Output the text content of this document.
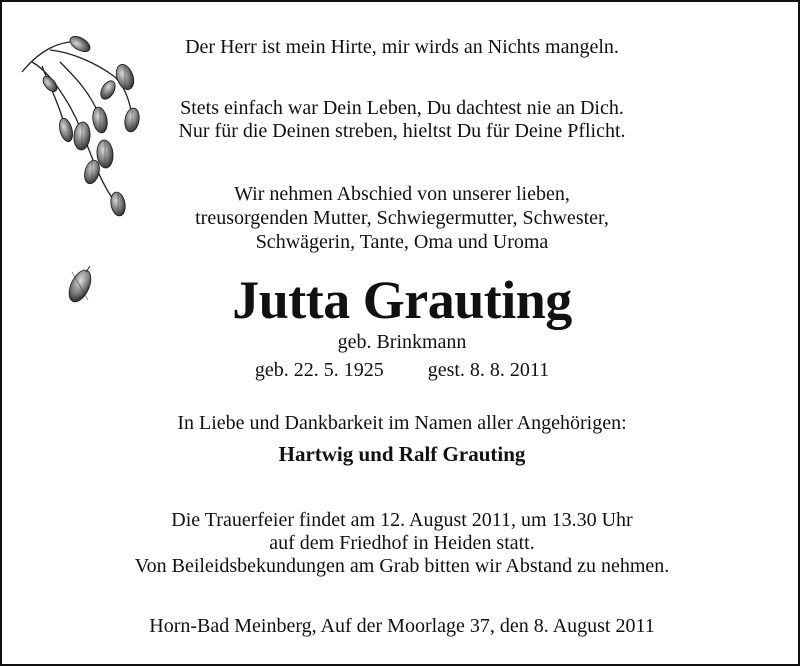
Der Herr ist mein Hirte, mir wirds an Nichts mangeln.
Stets einfach war Dein Leben, Du dachtest nie an Dich.
Nur für die Deinen streben, hieltst Du für Deine Pflicht.
Wir nehmen Abschied von unserer lieben,
treusorgenden Mutter, Schwiegermutter, Schwester,
Schwägerin, Tante, Oma und Uroma
Jutta Grauting
geb. Brinkmann
geb. 22. 5. 1925 gest. 8. 8. 2011
In Liebe und Dankbarkeit im Namen aller Angehörigen:
Hartwig und Ralf Grauting
Die Trauerfeier findet am 12. August 2011, um 13.30 Uhr
auf dem Friedhof in Heiden statt.
Von Beileidsbekundungen am Grab bitten wir Abstand zu nehmen.
Horn-Bad Meinberg, Auf der Moorlage 37, den 8. August 2011
